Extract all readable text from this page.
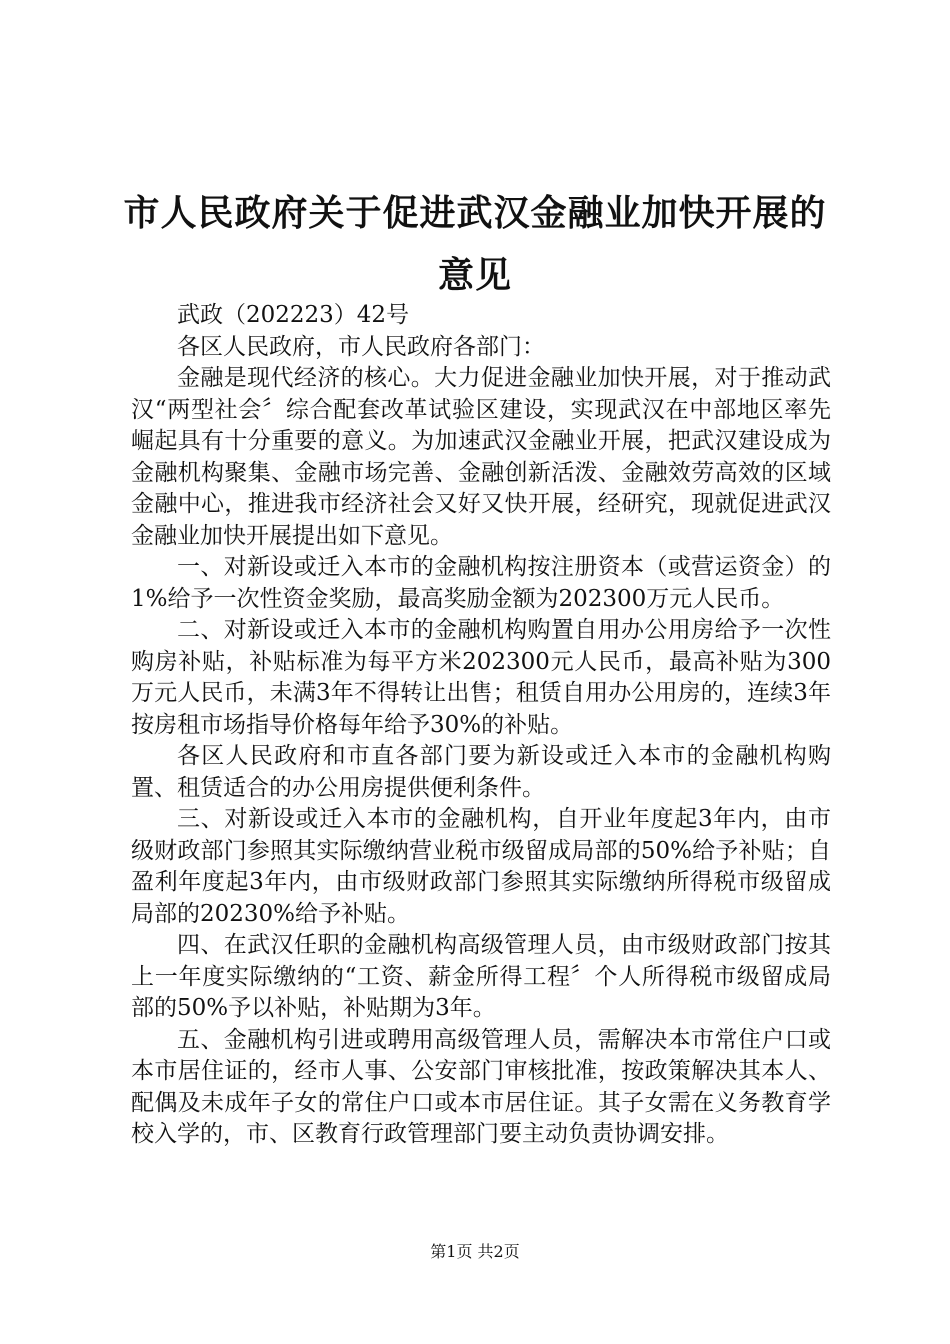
市人民政府关于促进武汉金融业加快开展的意见

武政（202223）42号

各区人民政府，市人民政府各部门：

金融是现代经济的核心。大力促进金融业加快开展，对于推动武汉“两型社会〞综合配套改革试验区建设，实现武汉在中部地区率先崛起具有十分重要的意义。为加速武汉金融业开展，把武汉建设成为金融机构聚集、金融市场完善、金融创新活泼、金融效劳高效的区域金融中心，推进我市经济社会又好又快开展，经研究，现就促进武汉金融业加快开展提出如下意见。

一、对新设或迁入本市的金融机构按注册资本（或营运资金）的1%给予一次性资金奖励，最高奖励金额为202300万元人民币。

二、对新设或迁入本市的金融机构购置自用办公用房给予一次性购房补贴，补贴标准为每平方米202300元人民币，最高补贴为300万元人民币，未满3年不得转让出售；租赁自用办公用房的，连续3年按房租市场指导价格每年给予30%的补贴。

各区人民政府和市直各部门要为新设或迁入本市的金融机构购置、租赁适合的办公用房提供便利条件。

三、对新设或迁入本市的金融机构，自开业年度起3年内，由市级财政部门参照其实际缴纳营业税市级留成局部的50%给予补贴；自盈利年度起3年内，由市级财政部门参照其实际缴纳所得税市级留成局部的20230%给予补贴。

四、在武汉任职的金融机构高级管理人员，由市级财政部门按其上一年度实际缴纳的“工资、薪金所得工程〞个人所得税市级留成局部的50%予以补贴，补贴期为3年。

五、金融机构引进或聘用高级管理人员，需解决本市常住户口或本市居住证的，经市人事、公安部门审核批准，按政策解决其本人、配偶及未成年子女的常住户口或本市居住证。其子女需在义务教育学校入学的，市、区教育行政管理部门要主动负责协调安排。

第1页 共2页
